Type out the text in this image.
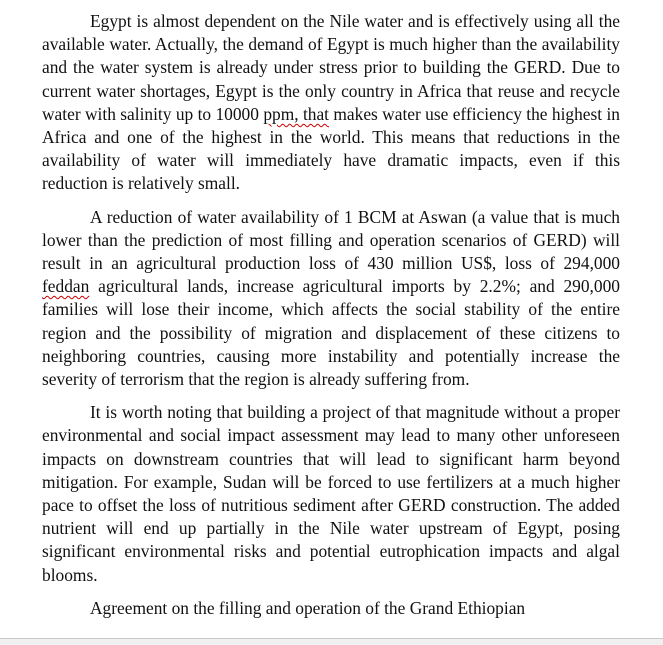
Egypt is almost dependent on the Nile water and is effectively using all the available water. Actually, the demand of Egypt is much higher than the availability and the water system is already under stress prior to building the GERD. Due to current water shortages, Egypt is the only country in Africa that reuse and recycle water with salinity up to 10000 ppm, that makes water use efficiency the highest in Africa and one of the highest in the world. This means that reductions in the availability of water will immediately have dramatic impacts, even if this reduction is relatively small.

A reduction of water availability of 1 BCM at Aswan (a value that is much lower than the prediction of most filling and operation scenarios of GERD) will result in an agricultural production loss of 430 million US$, loss of 294,000 feddan agricultural lands, increase agricultural imports by 2.2%; and 290,000 families will lose their income, which affects the social stability of the entire region and the possibility of migration and displacement of these citizens to neighboring countries, causing more instability and potentially increase the severity of terrorism that the region is already suffering from.

It is worth noting that building a project of that magnitude without a proper environmental and social impact assessment may lead to many other unforeseen impacts on downstream countries that will lead to significant harm beyond mitigation. For example, Sudan will be forced to use fertilizers at a much higher pace to offset the loss of nutritious sediment after GERD construction. The added nutrient will end up partially in the Nile water upstream of Egypt, posing significant environmental risks and potential eutrophication impacts and algal blooms.

Agreement on the filling and operation of the Grand Ethiopian
